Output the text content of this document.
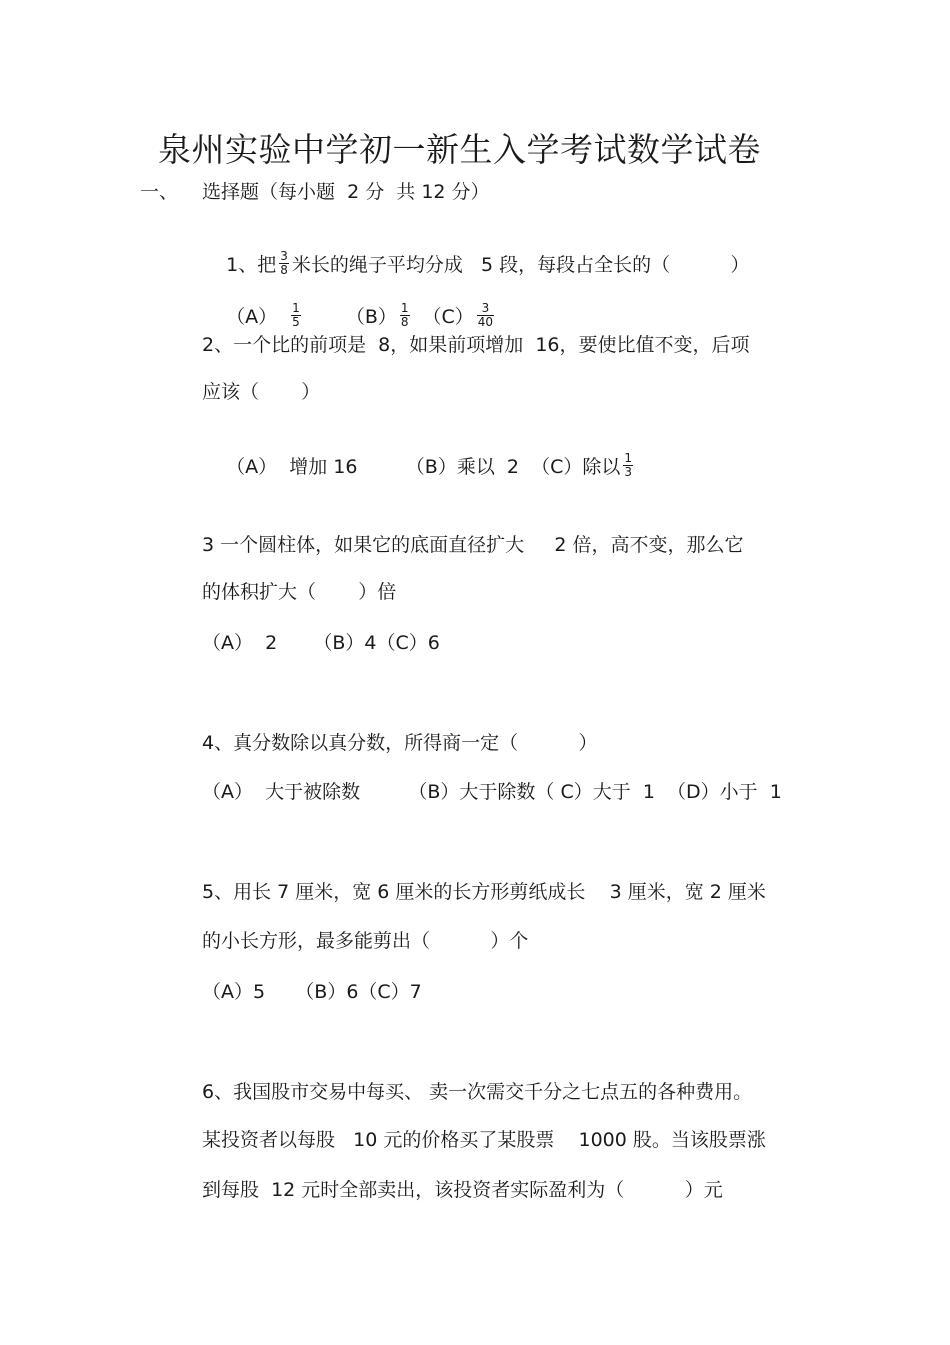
泉州实验中学初一新生入学考试数学试卷
一、 选择题（每小题  2 分  共 12 分）

1、把 $\frac{3}{8}$ 米长的绳子平均分成   5 段，每段占全长的（          ）

$(A) \frac{1}{5} (B) \frac{1}{8} (C) \frac{3}{40}$

2、一个比的前项是  8，如果前项增加  16，要使比值不变，后项
应该（       ）

（A）  增加 16        （B）乘以  2  （C）除以 $\frac{1}{3}$

3 一个圆柱体，如果它的底面直径扩大     2 倍，高不变，那么它
的体积扩大（       ）倍
（A）  2      （B）4（C）6
4、真分数除以真分数，所得商一定（          ）
（A）  大于被除数        （B）大于除数（ C）大于  1  （D）小于  1
5、用长 7 厘米，宽 6 厘米的长方形剪纸成长    3 厘米，宽 2 厘米
的小长方形，最多能剪出（          ）个
（A）5     （B）6（C）7
6、我国股市交易中每买、 卖一次需交千分之七点五的各种费用。
某投资者以每股   10 元的价格买了某股票    1000 股。当该股票涨
到每股  12 元时全部卖出，该投资者实际盈利为（          ）元
